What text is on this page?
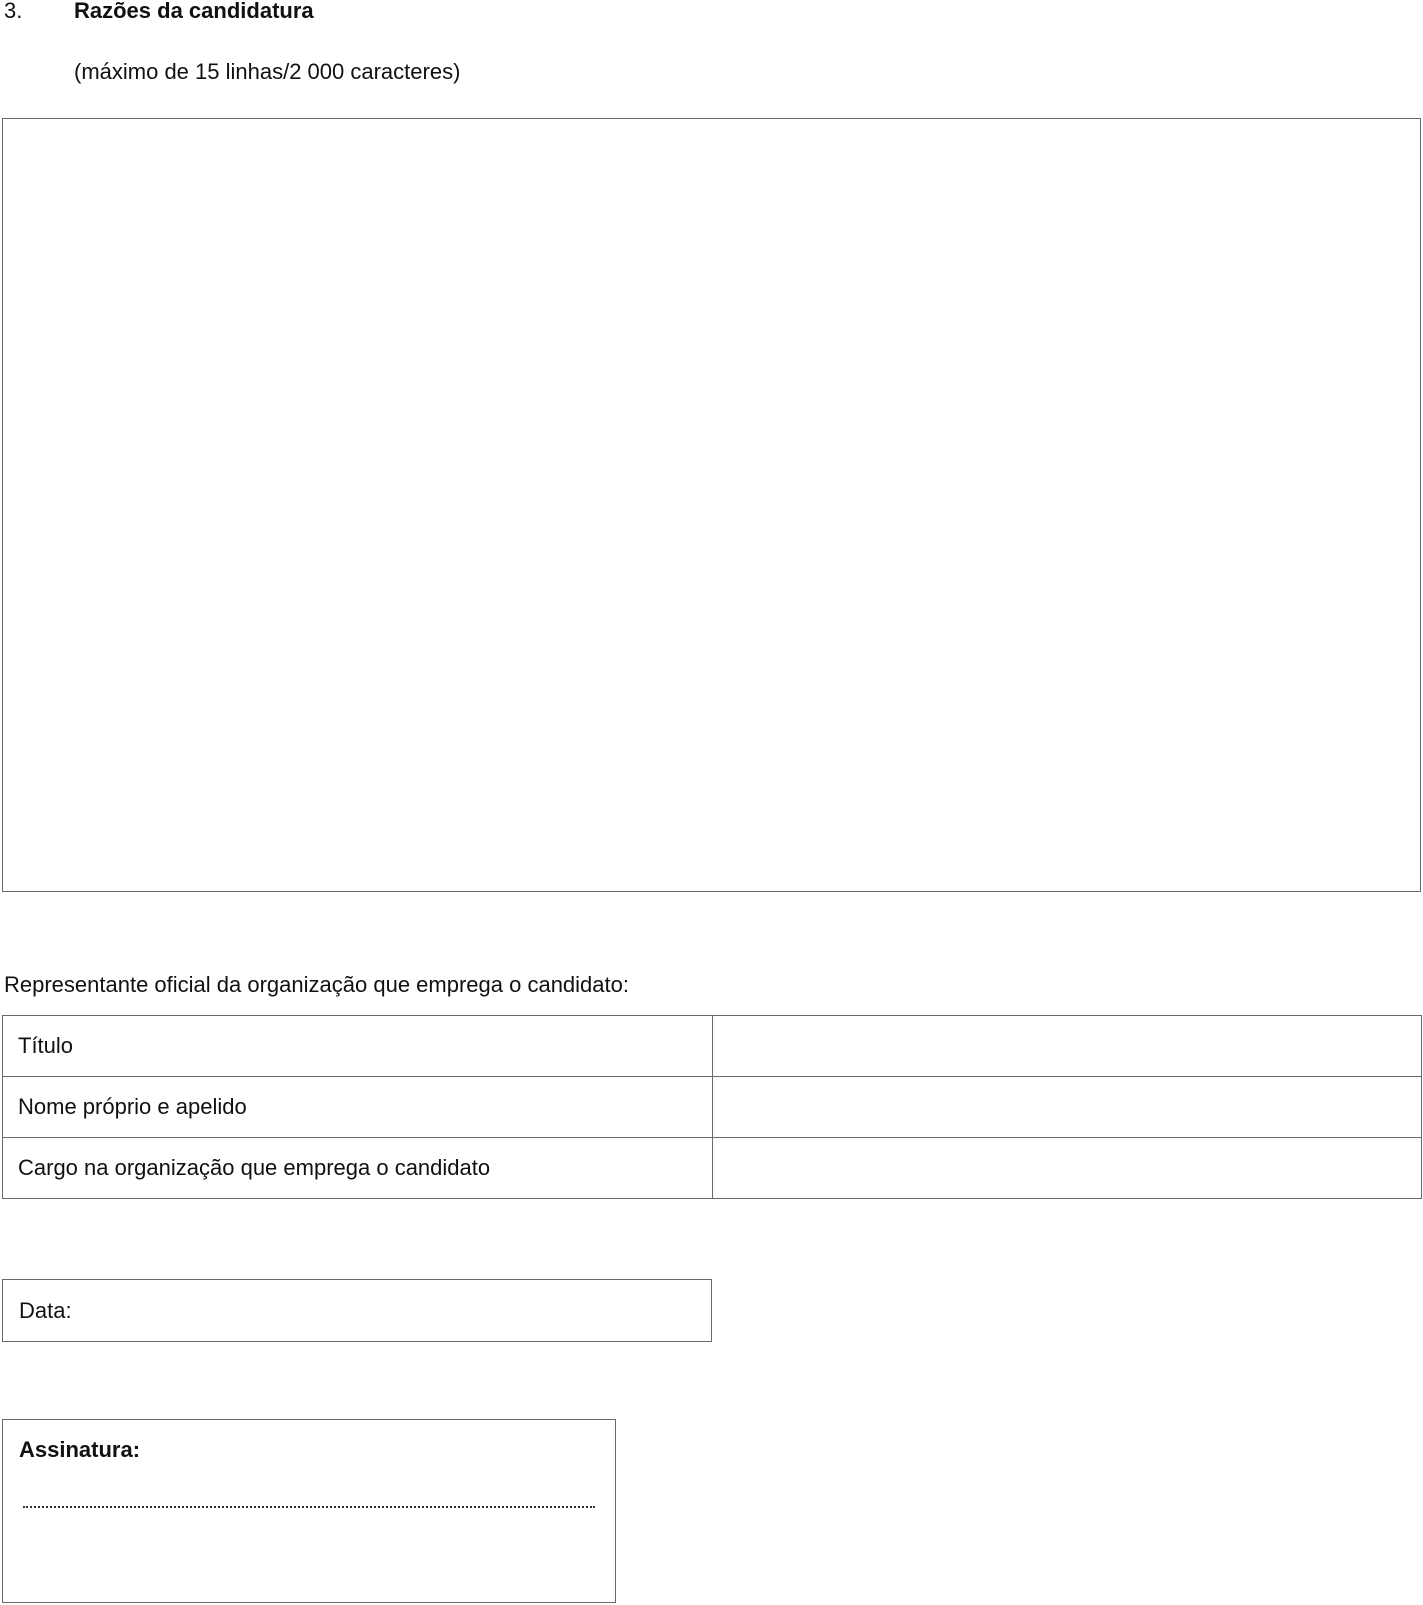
3. Razões da candidatura
(máximo de 15 linhas/2 000 caracteres)
Representante oficial da organização que emprega o candidato:
Título	
Nome próprio e apelido	
Cargo na organização que emprega o candidato	
Data:
Assinatura:
